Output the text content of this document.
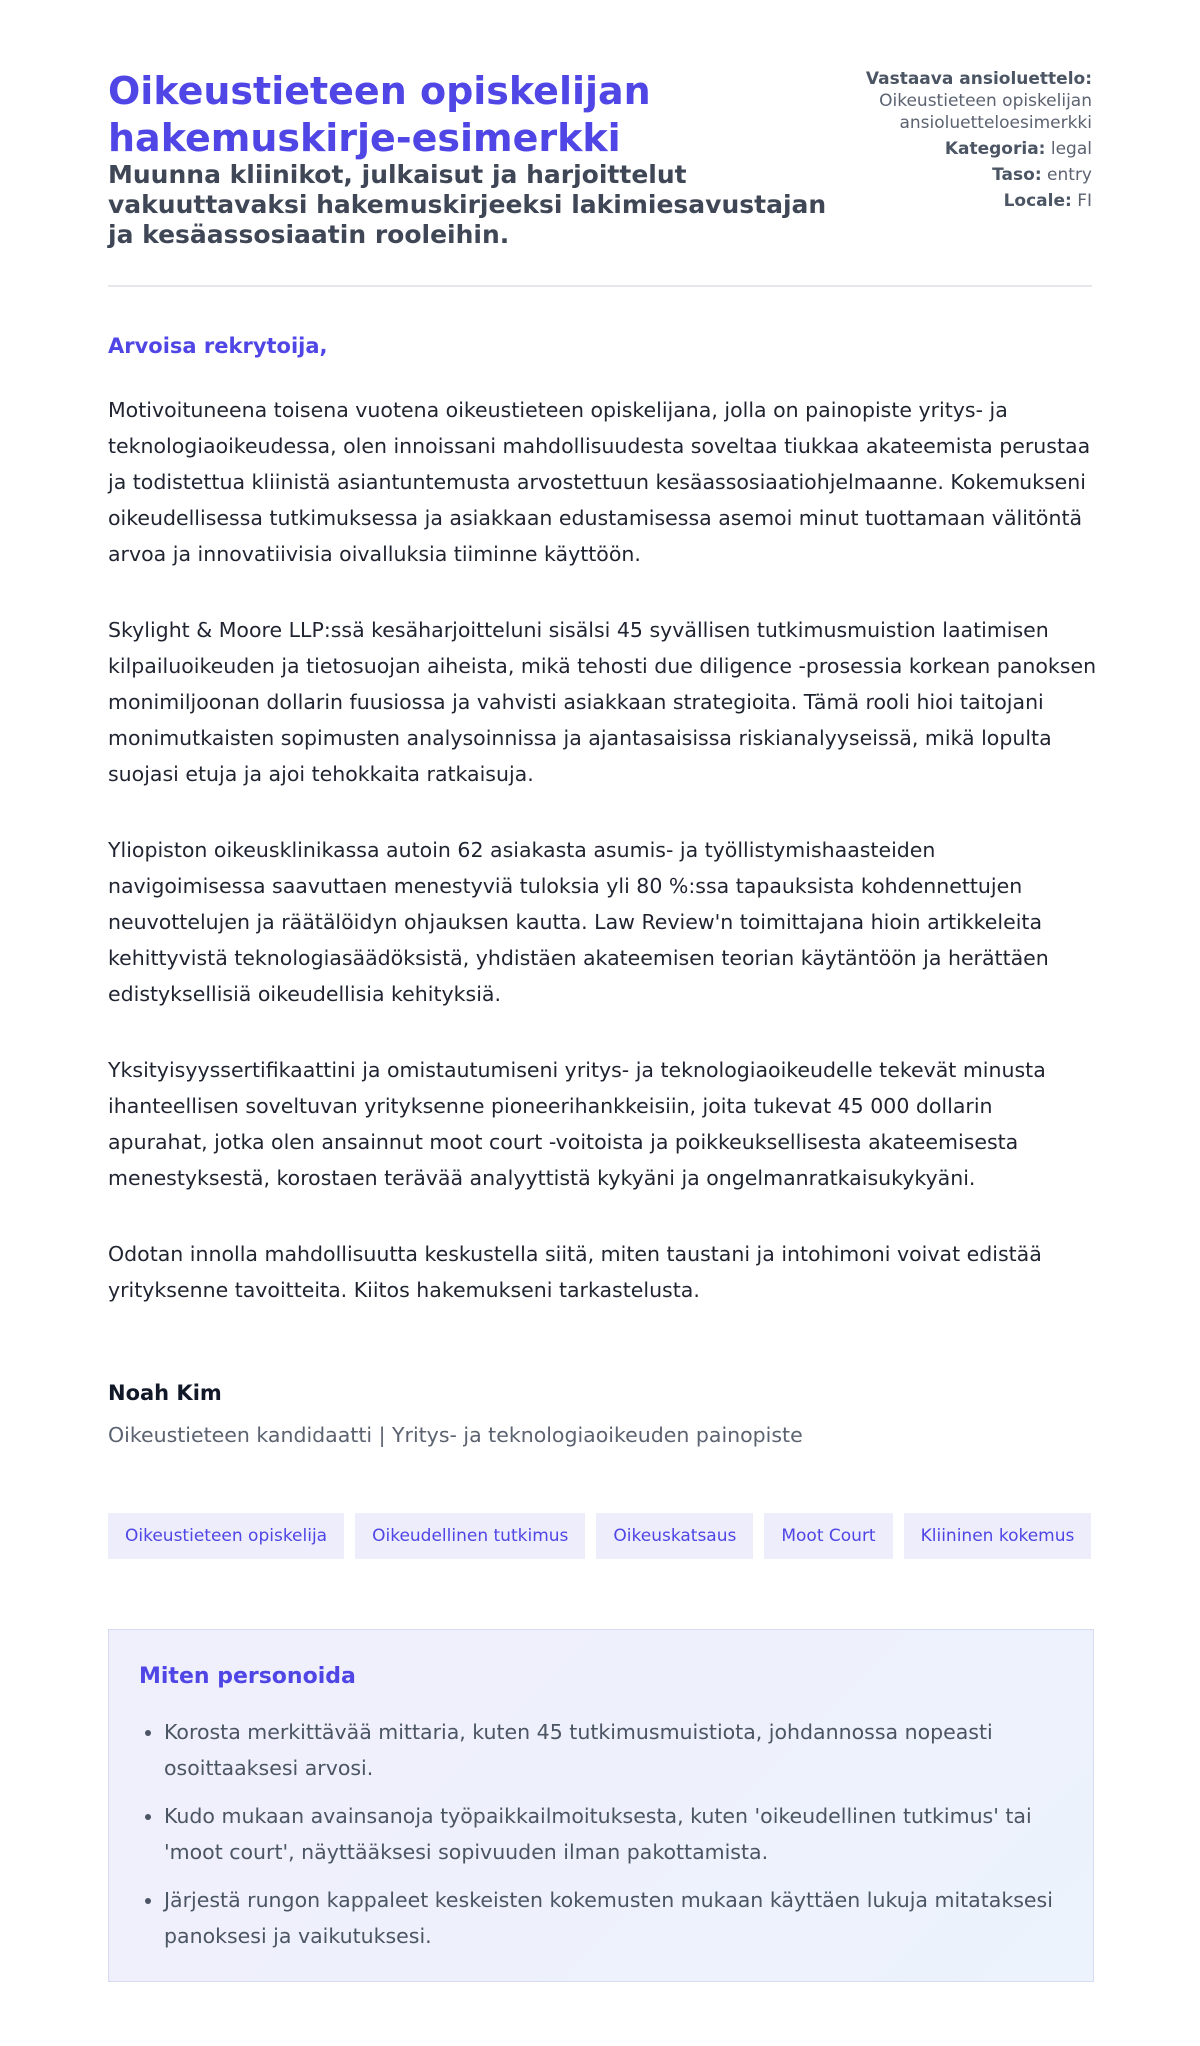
Oikeustieteen opiskelijan hakemuskirje-esimerkki
Muunna kliinikot, julkaisut ja harjoittelut vakuuttavaksi hakemuskirjeeksi lakimiesavustajan ja kesäassosiaatin rooleihin.
Vastaava ansioluettelo:
Oikeustieteen opiskelijan
ansioluetteloesimerkki
Kategoria: legal
Taso: entry
Locale: FI
Arvoisa rekrytoija,

Motivoituneena toisena vuotena oikeustieteen opiskelijana, jolla on painopiste yritys- ja teknologiaoikeudessa, olen innoissani mahdollisuudesta soveltaa tiukkaa akateemista perustaa ja todistettua kliinistä asiantuntemusta arvostettuun kesäassosiaatiohjelmaanne. Kokemukseni oikeudellisessa tutkimuksessa ja asiakkaan edustamisessa asemoi minut tuottamaan välitöntä arvoa ja innovatiivisia oivalluksia tiiminne käyttöön.

Skylight & Moore LLP:ssä kesäharjoitteluni sisälsi 45 syvällisen tutkimusmuistion laatimisen kilpailuoikeuden ja tietosuojan aiheista, mikä tehosti due diligence -prosessia korkean panoksen monimiljoonan dollarin fuusiossa ja vahvisti asiakkaan strategioita. Tämä rooli hioi taitojani monimutkaisten sopimusten analysoinnissa ja ajantasaisissa riskianalyyseissä, mikä lopulta suojasi etuja ja ajoi tehokkaita ratkaisuja.

Yliopiston oikeusklinikassa autoin 62 asiakasta asumis- ja työllistymishaasteiden navigoimisessa saavuttaen menestyviä tuloksia yli 80 %:ssa tapauksista kohdennettujen neuvottelujen ja räätälöidyn ohjauksen kautta. Law Review'n toimittajana hioin artikkeleita kehittyvistä teknologiasäädöksistä, yhdistäen akateemisen teorian käytäntöön ja herättäen edistyksellisiä oikeudellisia kehityksiä.

Yksityisyyssertifikaattini ja omistautumiseni yritys- ja teknologiaoikeudelle tekevät minusta ihanteellisen soveltuvan yrityksenne pioneerihankkeisiin, joita tukevat 45 000 dollarin apurahat, jotka olen ansainnut moot court -voitoista ja poikkeuksellisesta akateemisesta menestyksestä, korostaen terävää analyyttistä kykyäni ja ongelmanratkaisukykyäni.

Odotan innolla mahdollisuutta keskustella siitä, miten taustani ja intohimoni voivat edistää yrityksenne tavoitteita. Kiitos hakemukseni tarkastelusta.

Noah Kim
Oikeustieteen kandidaatti | Yritys- ja teknologiaoikeuden painopiste
Oikeustieteen opiskelija	Oikeudellinen tutkimus	Oikeuskatsaus	Moot Court	Kliininen kokemus
Miten personoida
• Korosta merkittävää mittaria, kuten 45 tutkimusmuistiota, johdannossa nopeasti osoittaaksesi arvosi.
• Kudo mukaan avainsanoja työpaikkailmoituksesta, kuten 'oikeudellinen tutkimus' tai 'moot court', näyttääksesi sopivuuden ilman pakottamista.
• Järjestä rungon kappaleet keskeisten kokemusten mukaan käyttäen lukuja mitataksesi panoksesi ja vaikutuksesi.
